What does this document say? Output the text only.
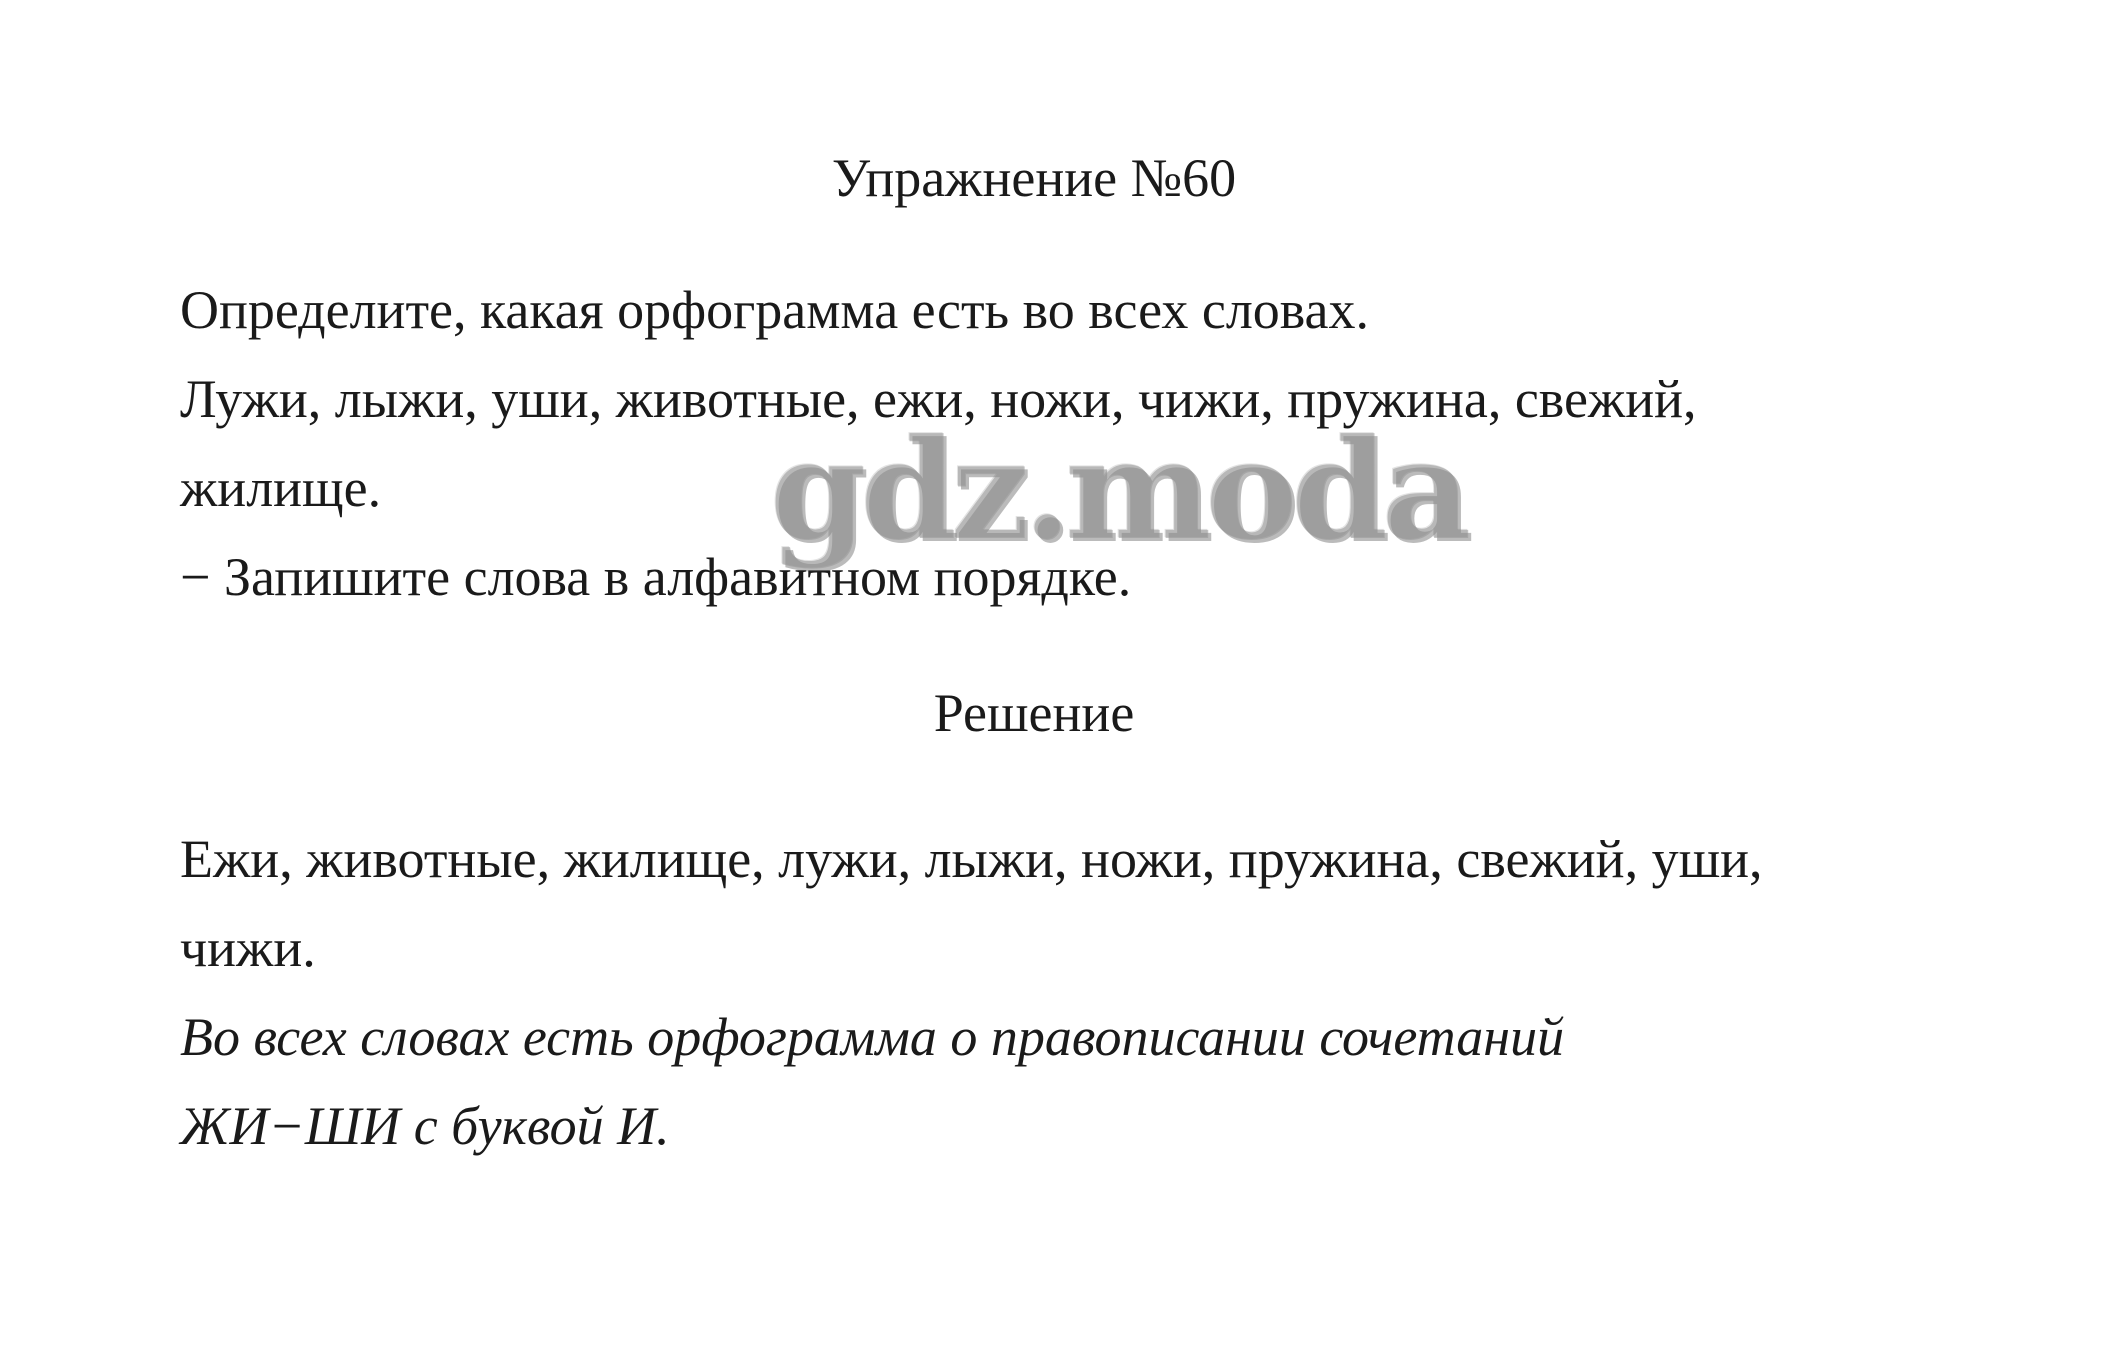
Упражнение №60

Определите, какая орфограмма есть во всех словах.

Лужи, лыжи, уши, животные, ежи, ножи, чижи, пружина, свежий,

жилище.

− Запишите слова в алфавитном порядке.

Решение

Ежи, животные, жилище, лужи, лыжи, ножи, пружина, свежий, уши,

чижи.

Во всех словах есть орфограмма о правописании сочетаний

ЖИ−ШИ с буквой И.

gdz.moda
